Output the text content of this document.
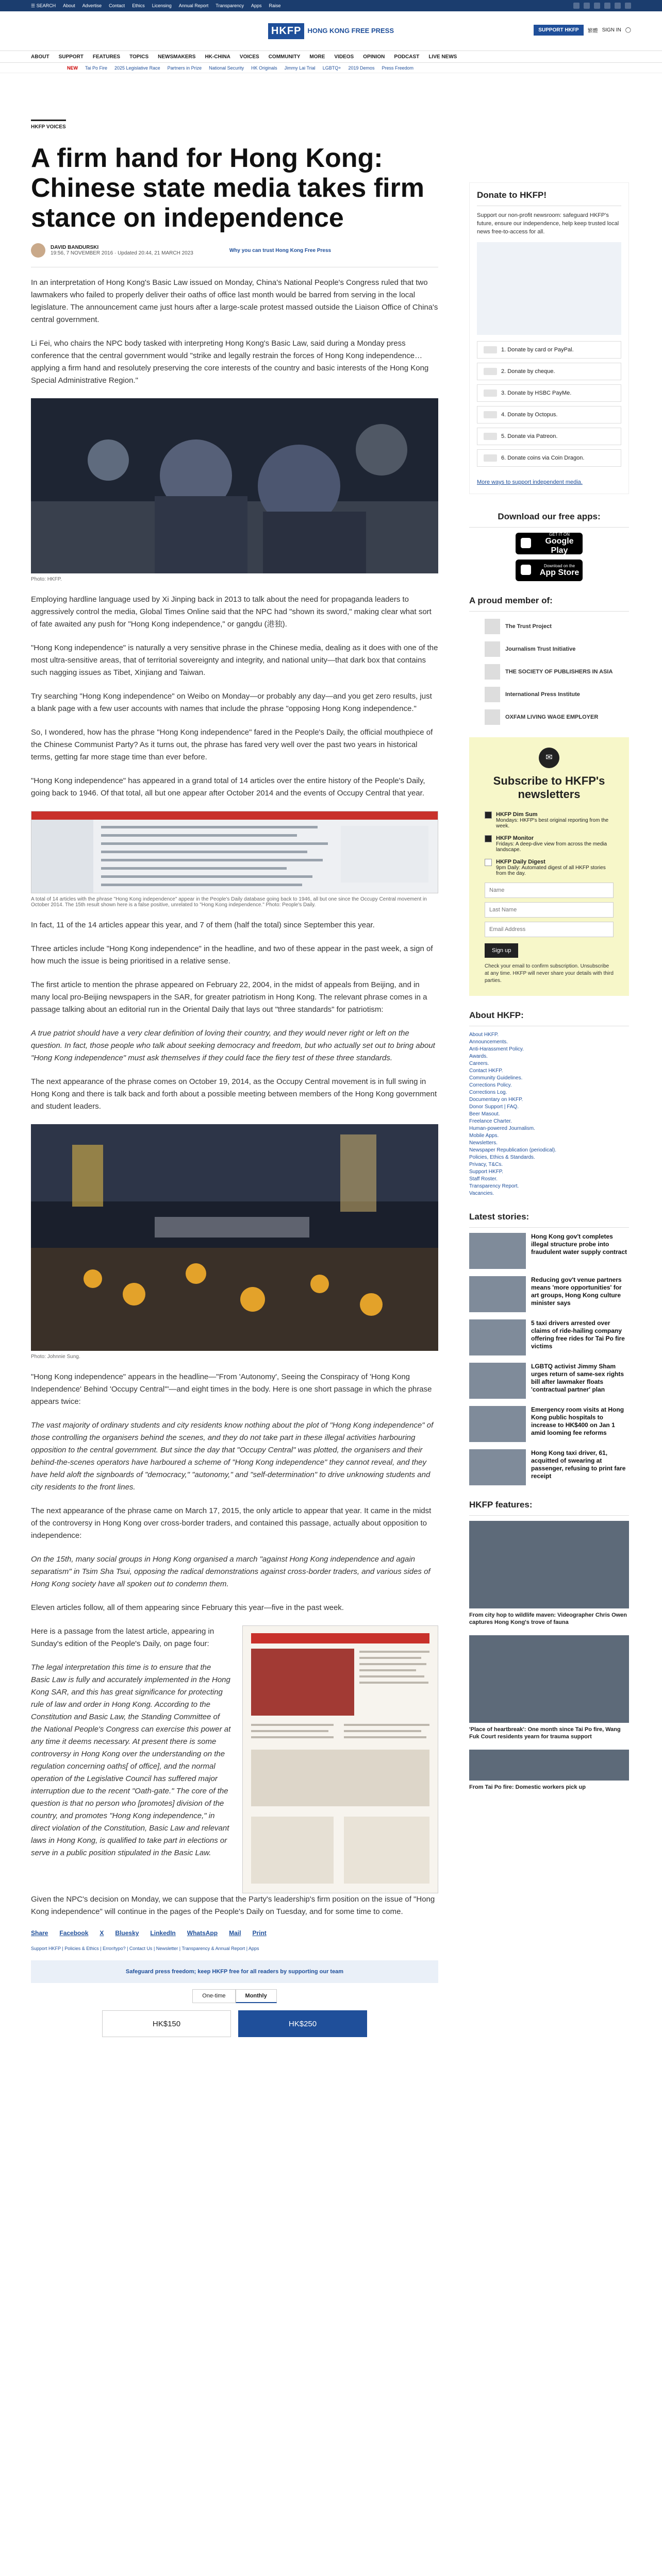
☰ SEARCH About Advertise Contact Ethics Licensing Annual Report Transparency Apps Raise
HKFP HONG KONG FREE PRESS	SUPPORT HKFP	繁體 SIGN IN ◯
ABOUT SUPPORT FEATURES TOPICS NEWSMAKERS HK-CHINA VOICES COMMUNITY MORE VIDEOS OPINION PODCAST LIVE NEWS
NEW Tai Po Fire 2025 Legislative Race Partners in Prize National Security HK Originals Jimmy Lai Trial LGBTQ+ 2019 Demos Press Freedom
HKFP VOICES
A firm hand for Hong Kong: Chinese state media takes firm stance on independence
DAVID BANDURSKI
19:56, 7 NOVEMBER 2016 · Updated 20:44, 21 MARCH 2023	Why you can trust Hong Kong Free Press

In an interpretation of Hong Kong's Basic Law issued on Monday, China's National People's Congress ruled that two lawmakers who failed to properly deliver their oaths of office last month would be barred from serving in the local legislature. The announcement came just hours after a large-scale protest massed outside the Liaison Office of China's central government.

Li Fei, who chairs the NPC body tasked with interpreting Hong Kong's Basic Law, said during a Monday press conference that the central government would "strike and legally restrain the forces of Hong Kong independence… applying a firm hand and resolutely preserving the core interests of the country and basic interests of the Hong Kong Special Administrative Region."

Photo: HKFP.

Employing hardline language used by Xi Jinping back in 2013 to talk about the need for propaganda leaders to aggressively control the media, Global Times Online said that the NPC had "shown its sword," making clear what sort of fate awaited any push for "Hong Kong independence," or gangdu (港独).

"Hong Kong independence" is naturally a very sensitive phrase in the Chinese media, dealing as it does with one of the most ultra-sensitive areas, that of territorial sovereignty and integrity, and national unity—that dark box that contains such nagging issues as Tibet, Xinjiang and Taiwan.

Try searching "Hong Kong independence" on Weibo on Monday—or probably any day—and you get zero results, just a blank page with a few user accounts with names that include the phrase "opposing Hong Kong independence."

So, I wondered, how has the phrase "Hong Kong independence" fared in the People's Daily, the official mouthpiece of the Chinese Communist Party? As it turns out, the phrase has fared very well over the past two years in historical terms, getting far more stage time than ever before.

"Hong Kong independence" has appeared in a grand total of 14 articles over the entire history of the People's Daily, going back to 1946. Of that total, all but one appear after October 2014 and the events of Occupy Central that year.

A total of 14 articles with the phrase "Hong Kong independence" appear in the People's Daily database going back to 1946, all but one since the Occupy Central movement in October 2014. The 15th result shown here is a false positive, unrelated to "Hong Kong independence." Photo: People's Daily.

In fact, 11 of the 14 articles appear this year, and 7 of them (half the total) since September this year.

Three articles include "Hong Kong independence" in the headline, and two of these appear in the past week, a sign of how much the issue is being prioritised in a relative sense.

The first article to mention the phrase appeared on February 22, 2004, in the midst of appeals from Beijing, and in many local pro-Beijing newspapers in the SAR, for greater patriotism in Hong Kong. The relevant phrase comes in a passage talking about an editorial run in the Oriental Daily that lays out "three standards" for patriotism:

A true patriot should have a very clear definition of loving their country, and they would never right or left on the question. In fact, those people who talk about seeking democracy and freedom, but who actually set out to bring about "Hong Kong independence" must ask themselves if they could face the fiery test of these three standards.

The next appearance of the phrase comes on October 19, 2014, as the Occupy Central movement is in full swing in Hong Kong and there is talk back and forth about a possible meeting between members of the Hong Kong government and student leaders.

Photo: Johnnie Sung.

"Hong Kong independence" appears in the headline—"From 'Autonomy', Seeing the Conspiracy of 'Hong Kong Independence' Behind 'Occupy Central'"—and eight times in the body. Here is one short passage in which the phrase appears twice:

The vast majority of ordinary students and city residents know nothing about the plot of "Hong Kong independence" of those controlling the organisers behind the scenes, and they do not take part in these illegal activities harbouring opposition to the central government. But since the day that "Occupy Central" was plotted, the organisers and their behind-the-scenes operators have harboured a scheme of "Hong Kong independence" they cannot reveal, and they have held aloft the signboards of "democracy," "autonomy," and "self-determination" to drive unknowing students and city residents to the front lines.

The next appearance of the phrase came on March 17, 2015, the only article to appear that year. It came in the midst of the controversy in Hong Kong over cross-border traders, and contained this passage, actually about opposition to independence:

On the 15th, many social groups in Hong Kong organised a march "against Hong Kong independence and again separatism" in Tsim Sha Tsui, opposing the radical demonstrations against cross-border traders, and various sides of Hong Kong society have all spoken out to condemn them.

Eleven articles follow, all of them appearing since February this year—five in the past week.

Here is a passage from the latest article, appearing in Sunday's edition of the People's Daily, on page four:

The legal interpretation this time is to ensure that the Basic Law is fully and accurately implemented in the Hong Kong SAR, and this has great significance for protecting rule of law and order in Hong Kong. According to the Constitution and Basic Law, the Standing Committee of the National People's Congress can exercise this power at any time it deems necessary. At present there is some controversy in Hong Kong over the understanding on the regulation concerning oaths[ of office], and the normal operation of the Legislative Council has suffered major interruption due to the recent "Oath-gate." The core of the question is that no person who [promotes] division of the country, and promotes "Hong Kong independence," in direct violation of the Constitution, Basic Law and relevant laws in Hong Kong, is qualified to take part in elections or serve in a public position stipulated in the Basic Law.

Given the NPC's decision on Monday, we can suppose that the Party's leadership's firm position on the issue of "Hong Kong independence" will continue in the pages of the People's Daily on Tuesday, and for some time to come.

Share Facebook X Bluesky LinkedIn WhatsApp Mail Print
Support HKFP | Policies & Ethics | Error/typo? | Contact Us | Newsletter | Transparency & Annual Report | Apps
Safeguard press freedom; keep HKFP free for all readers by supporting our team
One-time	Monthly
HK$150	HK$250
Donate to HKFP!

Support our non-profit newsroom: safeguard HKFP's future, ensure our independence, help keep trusted local news free-to-access for all.

1. Donate by card or PayPal.
2. Donate by cheque.
3. Donate by HSBC PayMe.
4. Donate by Octopus.
5. Donate via Patreon.
6. Donate coins via Coin Dragon.

More ways to support independent media.

Download our free apps:
GET IT ON
Google Play
Download on the
App Store
A proud member of:
The Trust Project
Journalism Trust Initiative
THE SOCIETY OF PUBLISHERS IN ASIA
International Press Institute
OXFAM LIVING WAGE EMPLOYER
✉
Subscribe to HKFP's newsletters
HKFP Dim Sum
Mondays: HKFP's best original reporting from the week.
HKFP Monitor
Fridays: A deep-dive view from across the media landscape.
HKFP Daily Digest
9pm Daily: Automated digest of all HKFP stories from the day.
Name Last Name Email Address Sign up

Check your email to confirm subscription. Unsubscribe at any time. HKFP will never share your details with third parties.

About HKFP:
About HKFP.
Announcements.
Anti-Harassment Policy.
Awards.
Careers.
Contact HKFP.
Community Guidelines.
Corrections Policy.
Corrections Log.
Documentary on HKFP.
Donor Support | FAQ.
Beer Masout.
Freelance Charter.
Human-powered Journalism.
Mobile Apps.
Newsletters.
Newspaper Republication (periodical).
Policies, Ethics & Standards.
Privacy, T&Cs.
Support HKFP.
Staff Roster.
Transparency Report.
Vacancies.
Latest stories:
Hong Kong gov't completes illegal structure probe into fraudulent water supply contract
Reducing gov't venue partners means 'more opportunities' for art groups, Hong Kong culture minister says
5 taxi drivers arrested over claims of ride-hailing company offering free rides for Tai Po fire victims
LGBTQ activist Jimmy Sham urges return of same-sex rights bill after lawmaker floats 'contractual partner' plan
Emergency room visits at Hong Kong public hospitals to increase to HK$400 on Jan 1 amid looming fee reforms
Hong Kong taxi driver, 61, acquitted of swearing at passenger, refusing to print fare receipt
HKFP features:
From city hop to wildlife maven: Videographer Chris Owen captures Hong Kong's trove of fauna
'Place of heartbreak': One month since Tai Po fire, Wang Fuk Court residents yearn for trauma support
From Tai Po fire: Domestic workers pick up
